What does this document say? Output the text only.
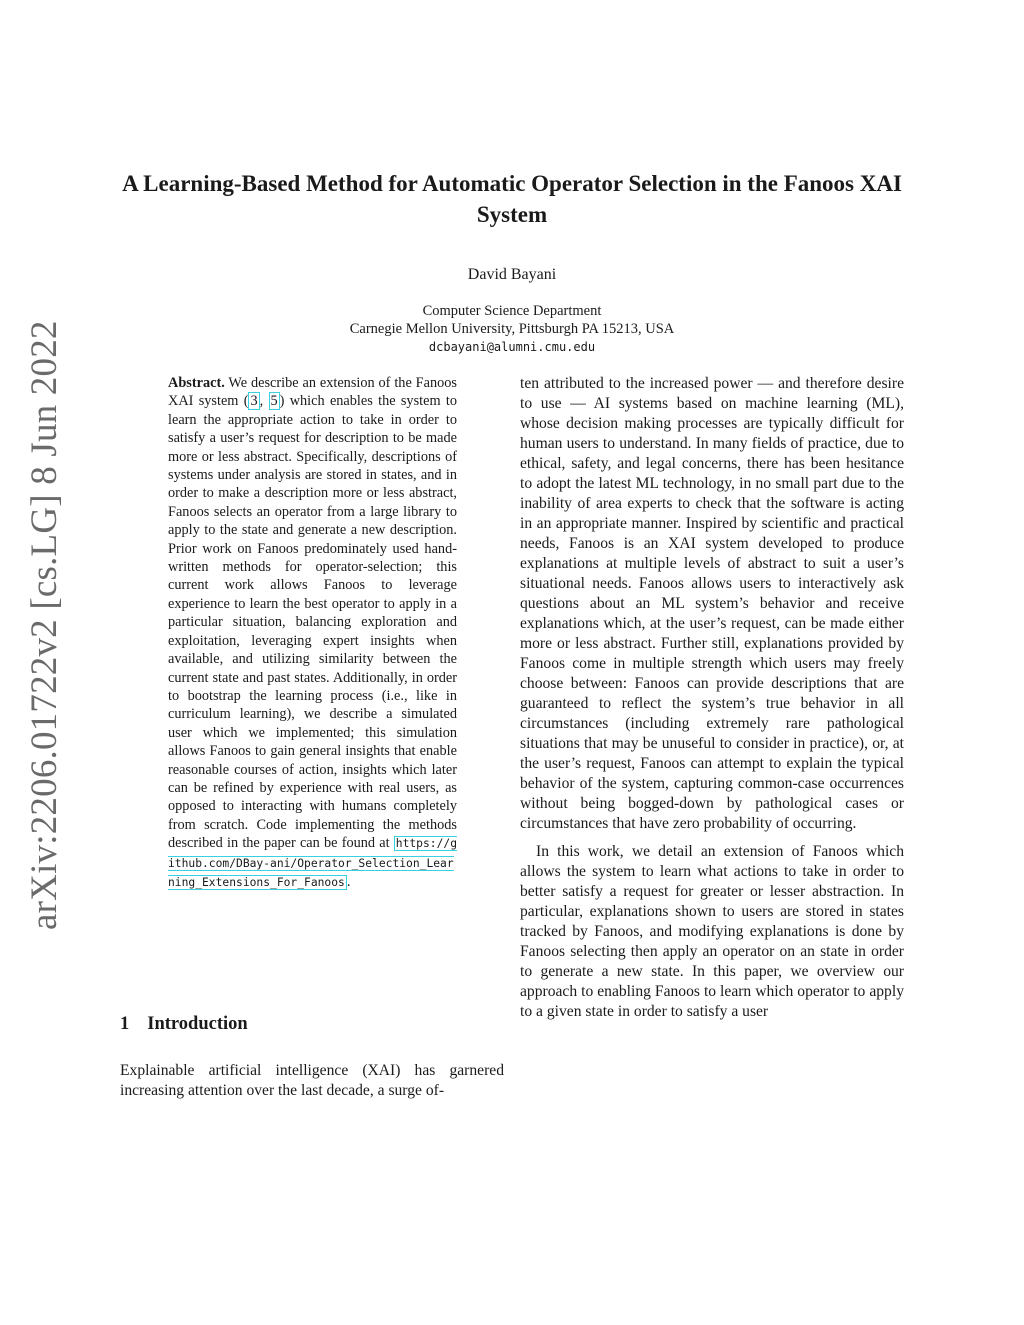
arXiv:2206.01722v2 [cs.LG] 8 Jun 2022
A Learning-Based Method for Automatic Operator Selection in the Fanoos XAI System
David Bayani
Computer Science Department
Carnegie Mellon University, Pittsburgh PA 15213, USA
dcbayani@alumni.cmu.edu
Abstract. We describe an extension of the Fanoos XAI system ( 3 , 5 ) which enables the system to learn the appropriate action to take in order to satisfy a user’s request for description to be made more or less abstract. Specifically, descriptions of systems under analysis are stored in states, and in order to make a description more or less abstract, Fanoos selects an operator from a large library to apply to the state and generate a new description. Prior work on Fanoos predominately used hand-written methods for operator-selection; this current work allows Fanoos to leverage experience to learn the best operator to apply in a particular situation, balancing exploration and exploitation, leveraging expert insights when available, and utilizing similarity between the current state and past states. Additionally, in order to bootstrap the learning process (i.e., like in curriculum learning), we describe a simulated user which we implemented; this simulation allows Fanoos to gain general insights that enable reasonable courses of action, insights which later can be refined by experience with real users, as opposed to interacting with humans completely from scratch. Code implementing the methods described in the paper can be found at https://github.com/DBay-ani/Operator_Selection_Learning_Extensions_For_Fanoos .
1 Introduction
Explainable artificial intelligence (XAI) has garnered increasing attention over the last decade, a surge of-

ten attributed to the increased power — and therefore desire to use — AI systems based on machine learning (ML), whose decision making processes are typically difficult for human users to understand. In many fields of practice, due to ethical, safety, and legal concerns, there has been hesitance to adopt the latest ML technology, in no small part due to the inability of area experts to check that the software is acting in an appropriate manner. Inspired by scientific and practical needs, Fanoos is an XAI system developed to produce explanations at multiple levels of abstract to suit a user’s situational needs. Fanoos allows users to interactively ask questions about an ML system’s behavior and receive explanations which, at the user’s request, can be made either more or less abstract. Further still, explanations provided by Fanoos come in multiple strength which users may freely choose between: Fanoos can provide descriptions that are guaranteed to reflect the system’s true behavior in all circumstances (including extremely rare pathological situations that may be unuseful to consider in practice), or, at the user’s request, Fanoos can attempt to explain the typical behavior of the system, capturing common-case occurrences without being bogged-down by pathological cases or circumstances that have zero probability of occurring.

In this work, we detail an extension of Fanoos which allows the system to learn what actions to take in order to better satisfy a request for greater or lesser abstraction. In particular, explanations shown to users are stored in states tracked by Fanoos, and modifying explanations is done by Fanoos selecting then apply an operator on an state in order to generate a new state. In this paper, we overview our approach to enabling Fanoos to learn which operator to apply to a given state in order to satisfy a user
